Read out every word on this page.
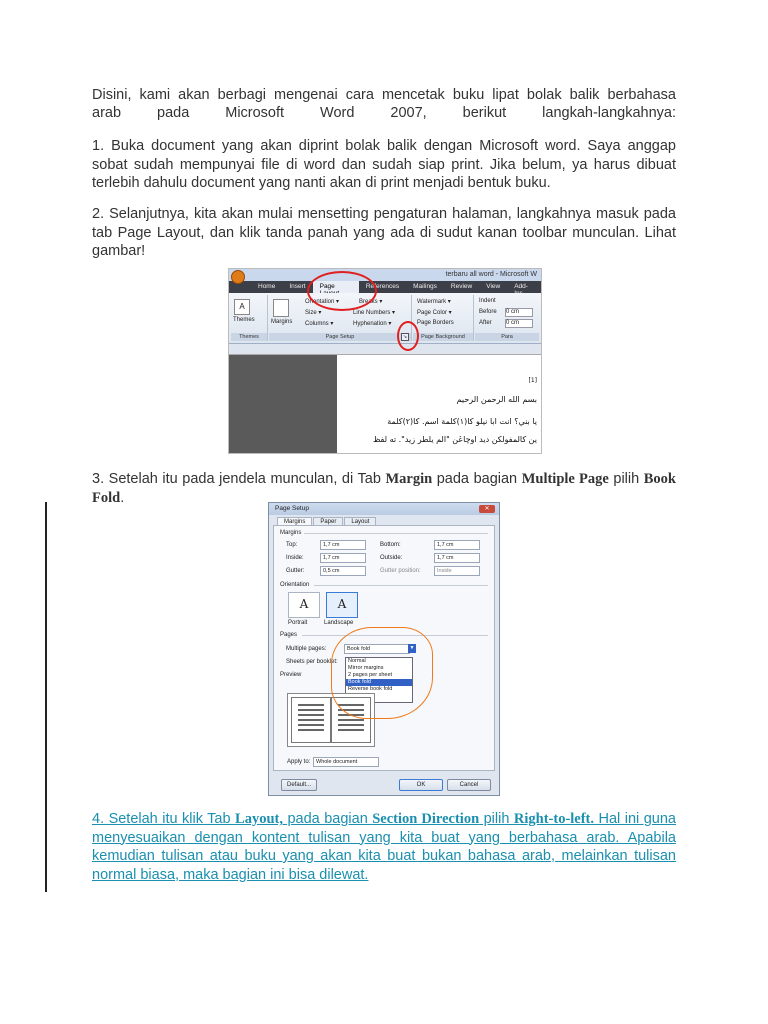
Disini, kami akan berbagi mengenai cara mencetak buku lipat bolak balik berbahasa
arab pada Microsoft Word 2007, berikut langkah-langkahnya:
1. Buka document yang akan diprint bolak balik dengan Microsoft word. Saya anggap sobat sudah mempunyai file di word dan sudah siap print. Jika belum, ya harus dibuat terlebih dahulu document yang nanti akan di print menjadi bentuk buku.
2. Selanjutnya, kita akan mulai mensetting pengaturan halaman, langkahnya masuk pada tab Page Layout, dan klik tanda panah yang ada di sudut kanan toolbar munculan. Lihat gambar!
terbaru all word - Microsoft W
Home	Insert	Page	References	Mailings	Review	View	Add-
A
Themes
Themes
Margins
Orientation ▾	Breaks ▾
Size ▾	Line Numbers ▾
Columns ▾	Hyphenation ▾
Page Setup	↘
Watermark ▾
Page Color ▾
Page Borders
Page Background
Indent
Before 0 cm
After 0 cm
Para
[1]
بسم الله الرحمن الرحيم
يا بني؟ انت ابا نيلو كا(١)كلمة اسم. كا(٢)كلمة
ين كالمفولكن ديد اوچاڠن "الم يلطر زيد". ته لفظ
3. Setelah itu pada jendela munculan, di Tab Margin pada bagian Multiple Page pilih Book Fold.
Page Setup	✕
Margins	Paper	Layout
Margins
Top:	1,7 cm	Bottom:	1,7 cm
Inside:	1,7 cm	Outside:	1,7 cm
Gutter:	0,5 cm	Gutter position:	Inside
Orientation
A	A
Portrait	Landscape
Pages
Multiple pages:	Book fold	▼
Sheets per booklet:
Preview
Normal
Mirror margins
2 pages per sheet
Book fold
Reverse book fold
Apply to:	Whole document
Default...	OK	Cancel
4. Setelah itu klik Tab Layout, pada bagian Section Direction pilih Right-to-left. Hal ini guna menyesuaikan dengan kontent tulisan yang kita buat yang berbahasa arab. Apabila kemudian tulisan atau buku yang akan kita buat bukan bahasa arab, melainkan tulisan normal biasa, maka bagian ini bisa dilewat.
